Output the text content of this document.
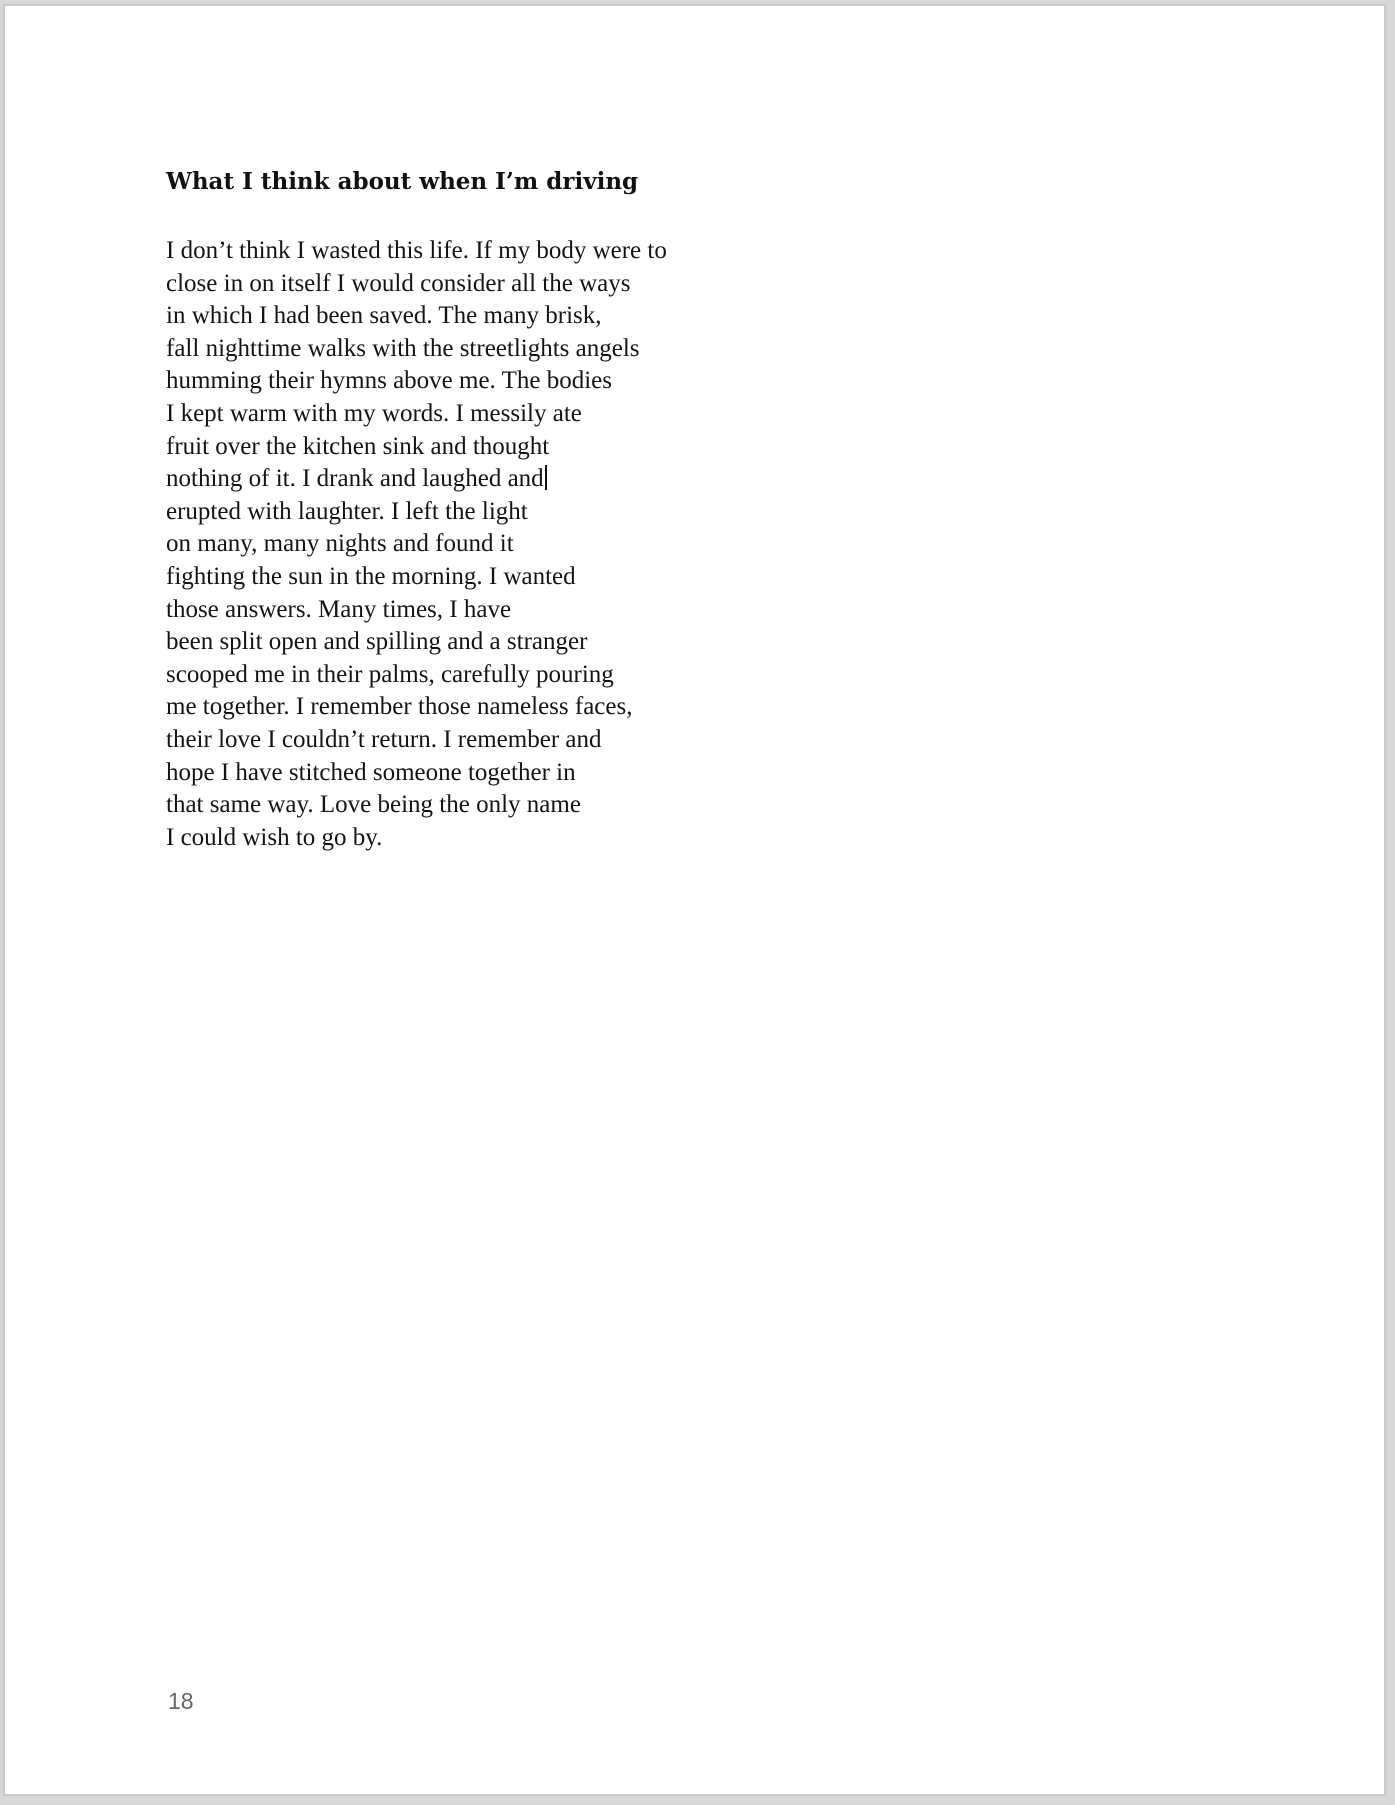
What I think about when I’m driving
I don’t think I wasted this life. If my body were to
close in on itself I would consider all the ways
in which I had been saved. The many brisk,
fall nighttime walks with the streetlights angels
humming their hymns above me. The bodies
I kept warm with my words. I messily ate
fruit over the kitchen sink and thought
nothing of it. I drank and laughed and
erupted with laughter. I left the light
on many, many nights and found it
fighting the sun in the morning. I wanted
those answers. Many times, I have
been split open and spilling and a stranger
scooped me in their palms, carefully pouring
me together. I remember those nameless faces,
their love I couldn’t return. I remember and
hope I have stitched someone together in
that same way. Love being the only name
I could wish to go by.
18
